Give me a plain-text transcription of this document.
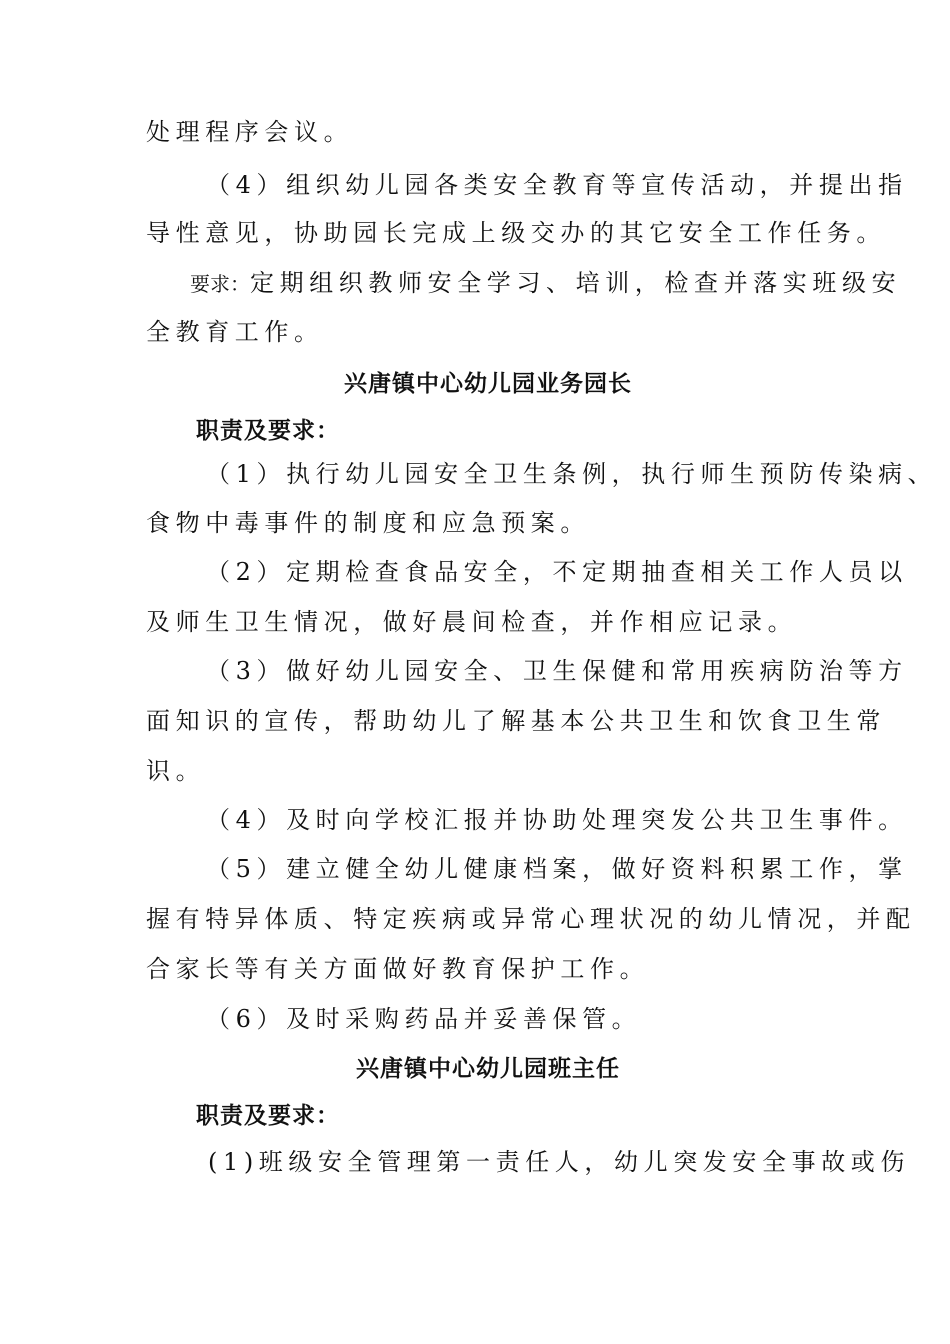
处理程序会议。
（4）组织幼儿园各类安全教育等宣传活动，并提出指
导性意见，协助园长完成上级交办的其它安全工作任务。
要求：定期组织教师安全学习、培训，检查并落实班级安
全教育工作。
兴唐镇中心幼儿园业务园长
职责及要求：
（1）执行幼儿园安全卫生条例，执行师生预防传染病、
食物中毒事件的制度和应急预案。
（2）定期检查食品安全，不定期抽查相关工作人员以
及师生卫生情况，做好晨间检查，并作相应记录。
（3）做好幼儿园安全、卫生保健和常用疾病防治等方
面知识的宣传，帮助幼儿了解基本公共卫生和饮食卫生常
识。
（4）及时向学校汇报并协助处理突发公共卫生事件。
（5）建立健全幼儿健康档案，做好资料积累工作，掌
握有特异体质、特定疾病或异常心理状况的幼儿情况，并配
合家长等有关方面做好教育保护工作。
（6）及时采购药品并妥善保管。
兴唐镇中心幼儿园班主任
职责及要求：
(1)班级安全管理第一责任人，幼儿突发安全事故或伤
